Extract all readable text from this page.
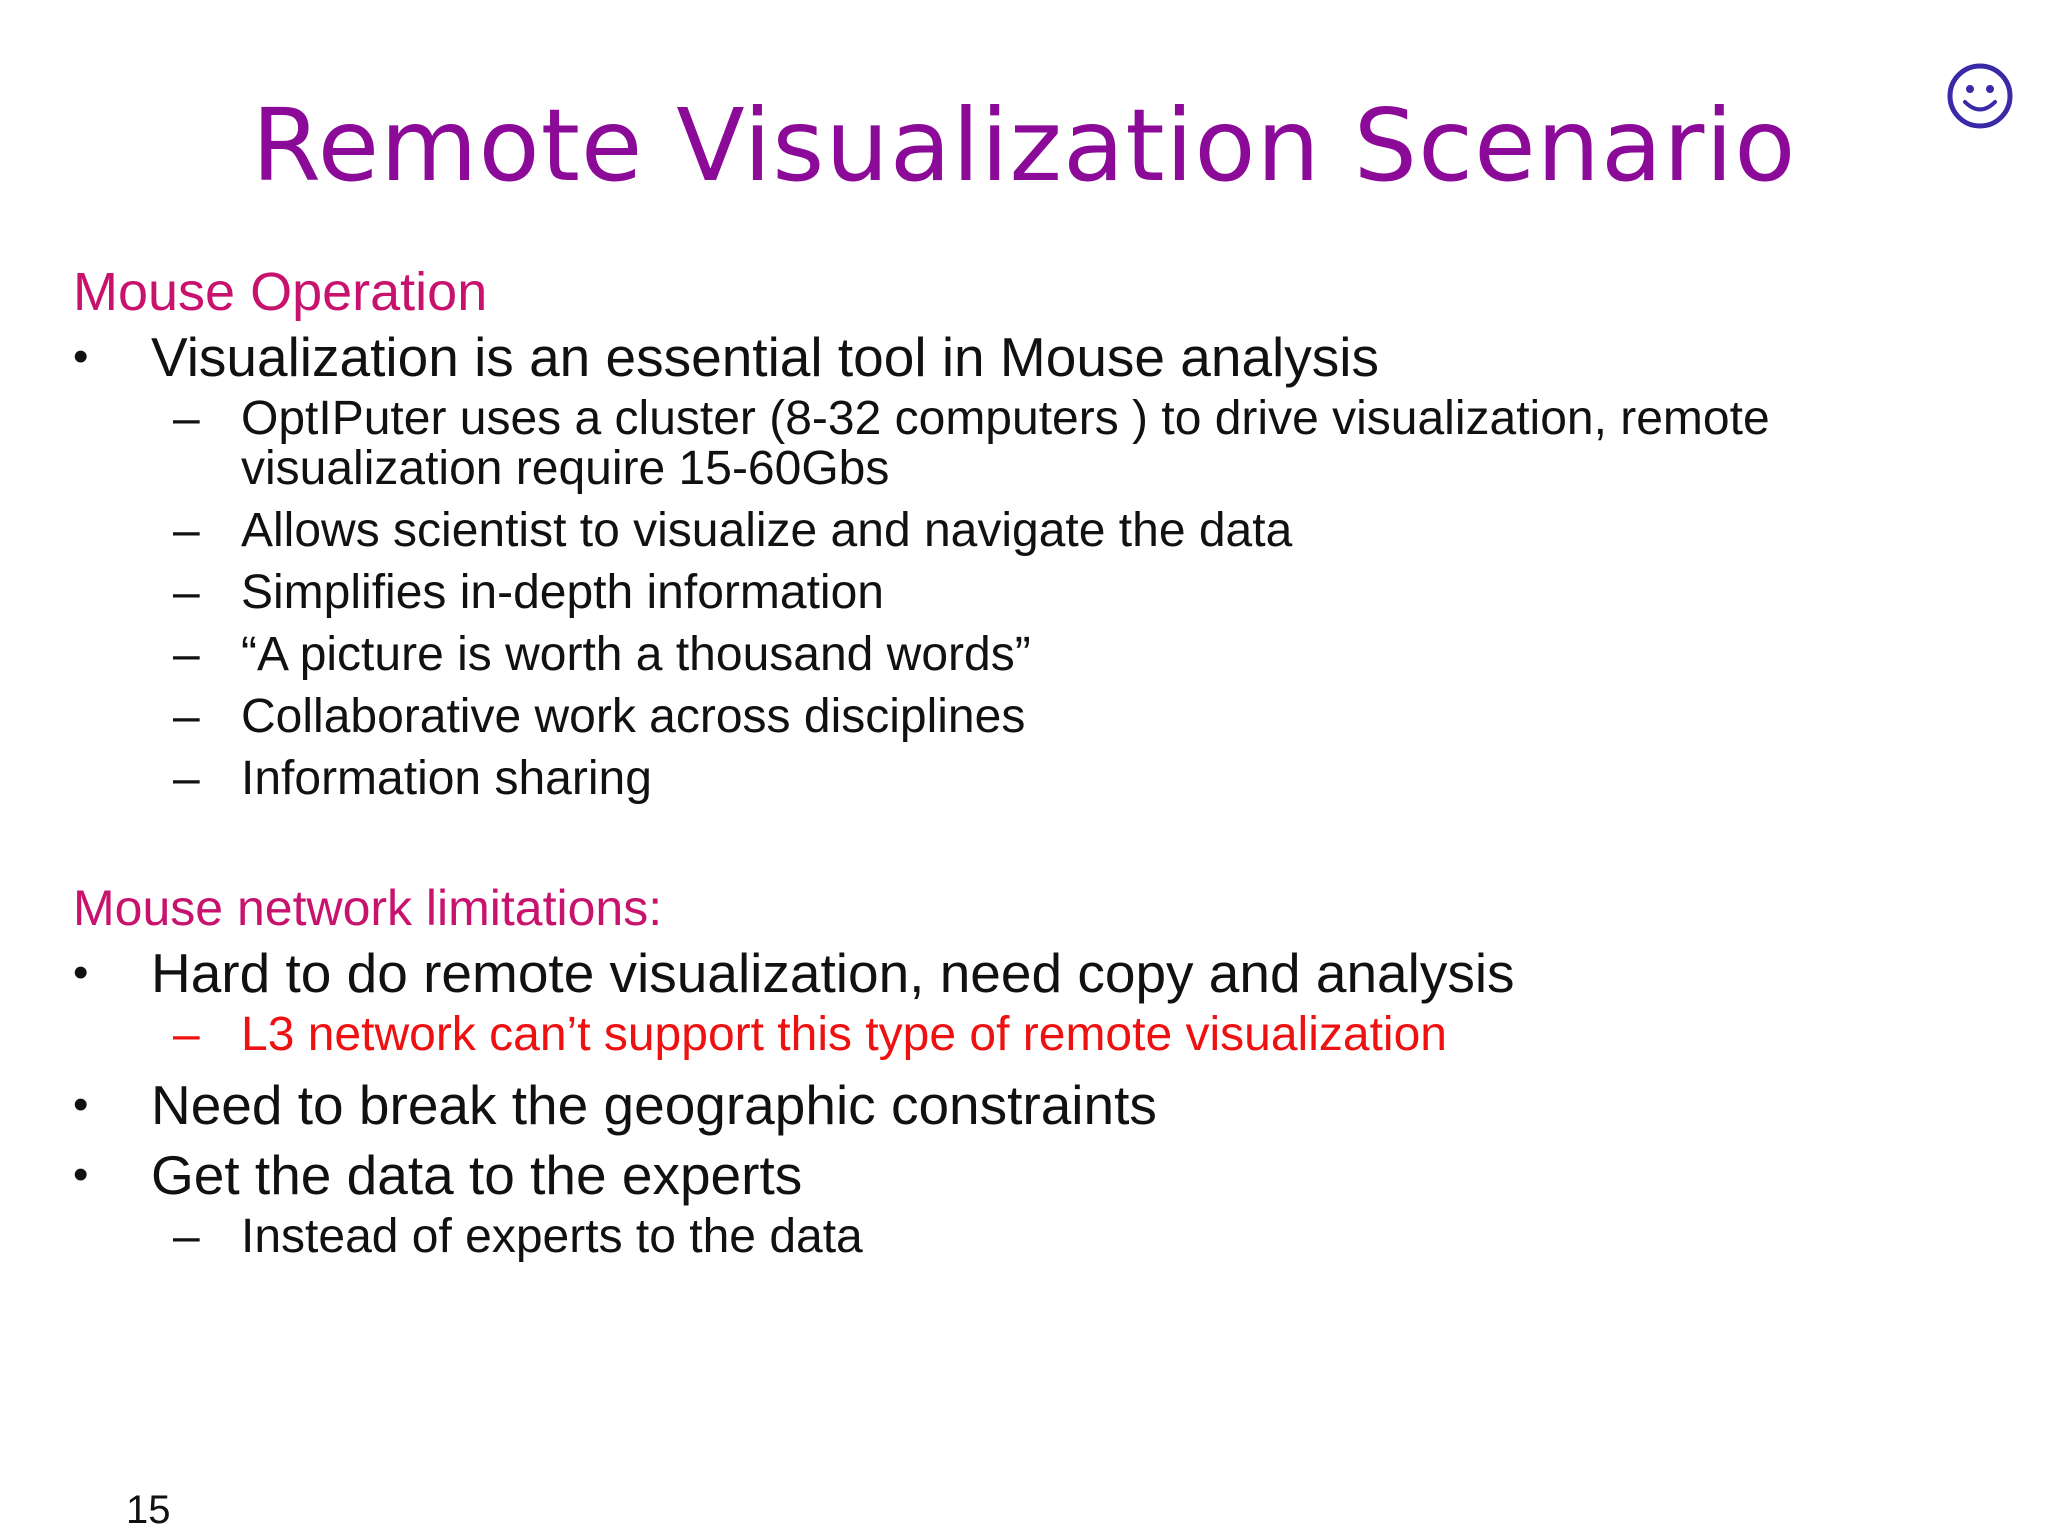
Remote Visualization Scenario
Mouse Operation
• Visualization is an essential tool in Mouse analysis
– OptIPuter uses a cluster (8-32 computers ) to drive visualization, remote visualization require 15-60Gbs
– Allows scientist to visualize and navigate the data
– Simplifies in-depth information
– “A picture is worth a thousand words”
– Collaborative work across disciplines
– Information sharing
Mouse network limitations:
• Hard to do remote visualization, need copy and analysis
– L3 network can’t support this type of remote visualization
• Need to break the geographic constraints
• Get the data to the experts
– Instead of experts to the data
15
